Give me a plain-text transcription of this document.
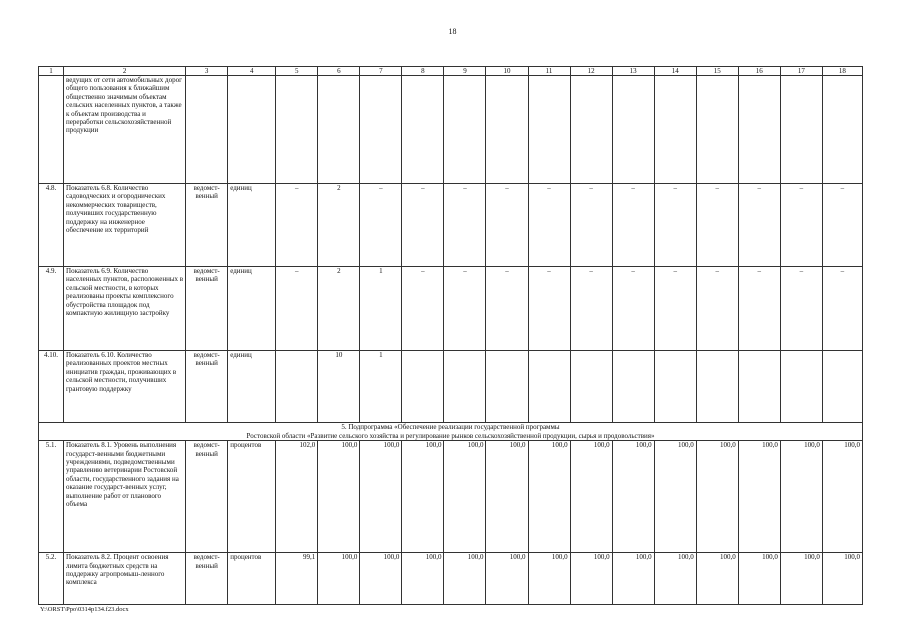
18
1	2	3	4	5	6	7	8	9	10	11	12	13	14	15	16	17	18
	ведущих от сети автомобильных дорог общего пользования к ближайшим общественно значимым объектам сельских населенных пунктов, а также к объектам производства и переработки сельскохозяйственной продукции																
4.8.	Показатель 6.8. Количество садоводческих и огороднических некоммерческих товариществ, получивших государственную поддержку на инженерное обеспечение их территорий	ведомст-венный	единиц	–	2	–	–	–	–	–	–	–	–	–	–	–	–
4.9.	Показатель 6.9. Количество населенных пунктов, расположенных в сельской местности, в которых реализованы проекты комплексного обустройства площадок под компактную жилищную застройку	ведомст-венный	единиц	–	2	1	–	–	–	–	–	–	–	–	–	–	–
4.10.	Показатель 6.10. Количество реализованных проектов местных инициатив граждан, проживающих в сельской местности, получивших грантовую поддержку	ведомст-венный	единиц		10	1											

5. Подпрограмма «Обеспечение реализации государственной программы
Ростовской области «Развитие сельского хозяйства и регулирование рынков сельскохозяйственной продукции, сырья и продовольствия»																	

5.1.	Показатель 8.1. Уровень выполнения государст-венными бюджетными учреждениями, подведомственными управлению ветеринарии Ростовской области, государственного задания на оказание государст-венных услуг, выполнение работ от планового объема	ведомст-венный	процентов	102,0	100,0	100,0	100,0	100,0	100,0	100,0	100,0	100,0	100,0	100,0	100,0	100,0	100,0
5.2.	Показатель 8.2. Процент освоения лимита бюджетных средств на поддержку агропромыш-ленного комплекса	ведомст-венный	процентов	99,1	100,0	100,0	100,0	100,0	100,0	100,0	100,0	100,0	100,0	100,0	100,0	100,0	100,0
Y:\ORST\Ppo\0314p134.f23.docx
